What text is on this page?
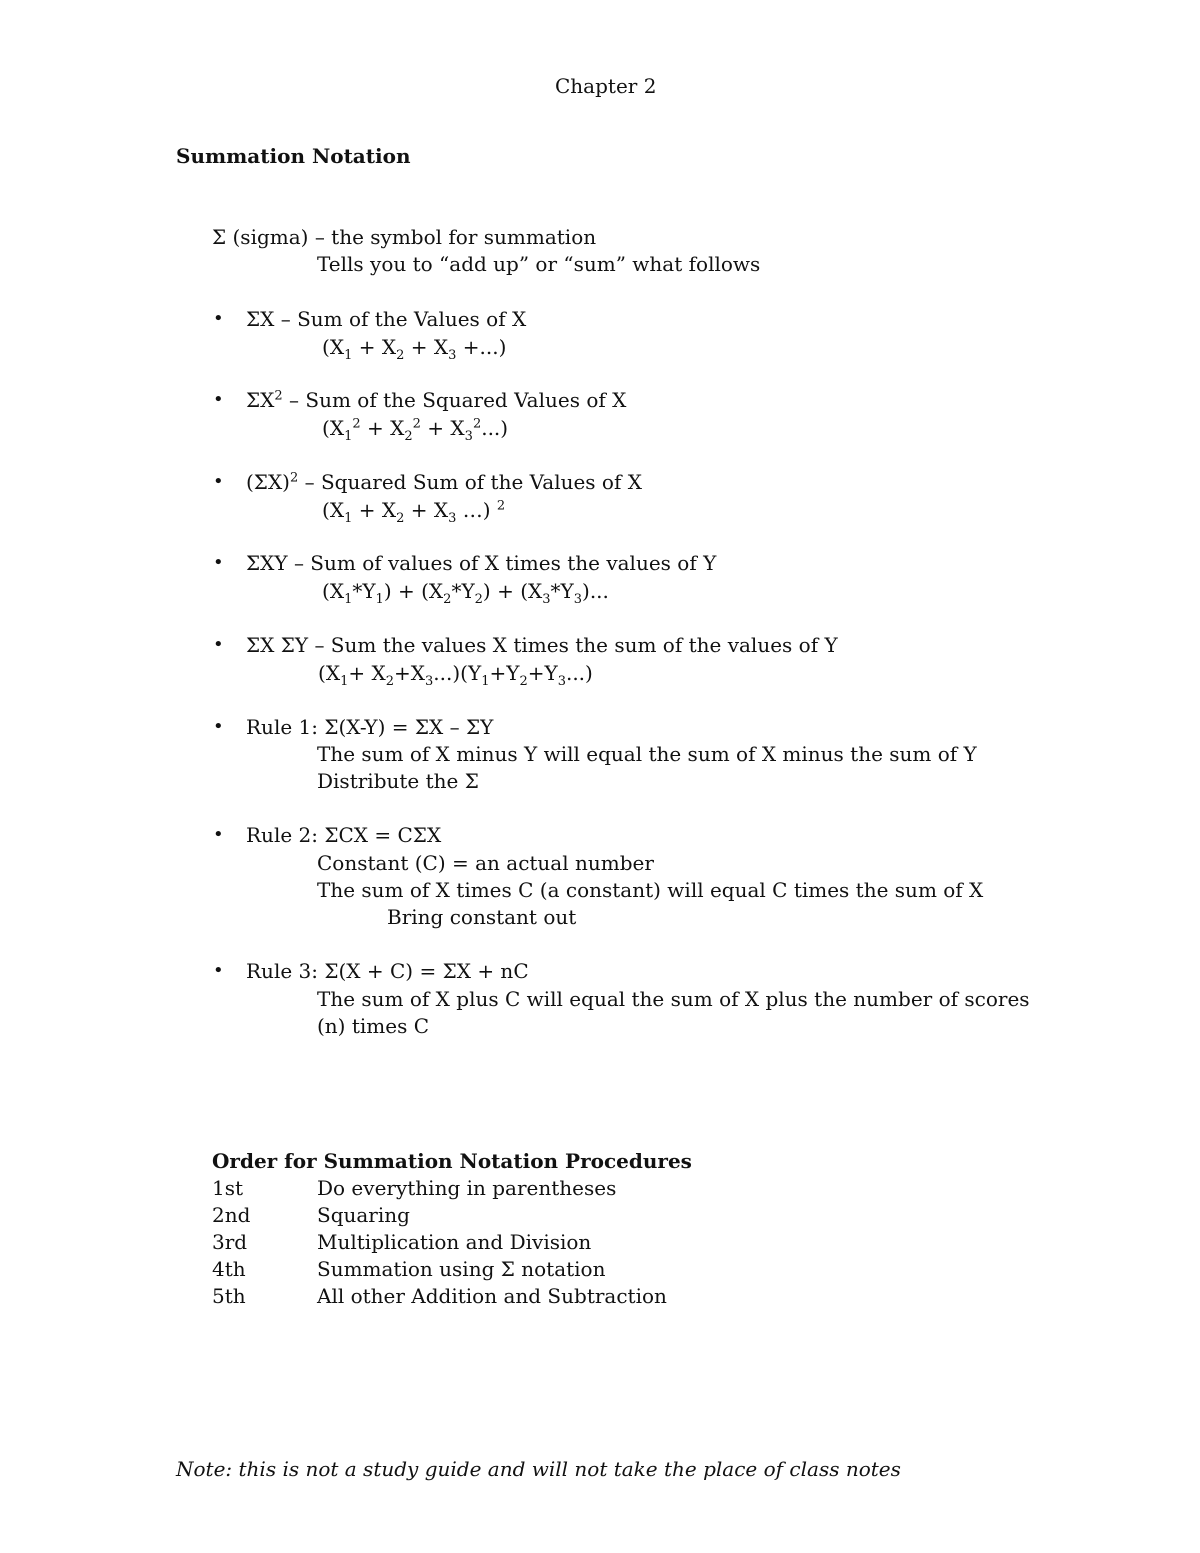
Chapter 2
Summation Notation
Σ (sigma) – the symbol for summation
Tells you to “add up” or “sum” what follows
• ΣX – Sum of the Values of X
($X_1 + X_2 + X_3$ +...)
• $\Sigma X^2$ – Sum of the Squared Values of X
$(X_1^2 + X_2^2 + X_3^2...)$
• $(\Sigma X)^2$ – Squared Sum of the Values of X
($X_1 + X_2 + X_3$ …) $^2$
• ΣXY – Sum of values of X times the values of Y
$(X_1*Y_1) + (X_2*Y_2) + (X_3*Y_3)$...
• ΣX ΣY – Sum the values X times the sum of the values of Y
$(X_1+ X_2+X_3...)(Y_1+Y_2+Y_3...)$
• Rule 1: Σ(X-Y) = ΣX – ΣY
The sum of X minus Y will equal the sum of X minus the sum of Y
Distribute the Σ
• Rule 2: ΣCX = CΣX
Constant (C) = an actual number
The sum of X times C (a constant) will equal C times the sum of X
Bring constant out
• Rule 3: Σ(X + C) = ΣX + nC
The sum of X plus C will equal the sum of X plus the number of scores
(n) times C
Order for Summation Notation Procedures
1st	Do everything in parentheses
2nd	Squaring
3rd	Multiplication and Division
4th	Summation using Σ notation
5th	All other Addition and Subtraction
Note: this is not a study guide and will not take the place of class notes
